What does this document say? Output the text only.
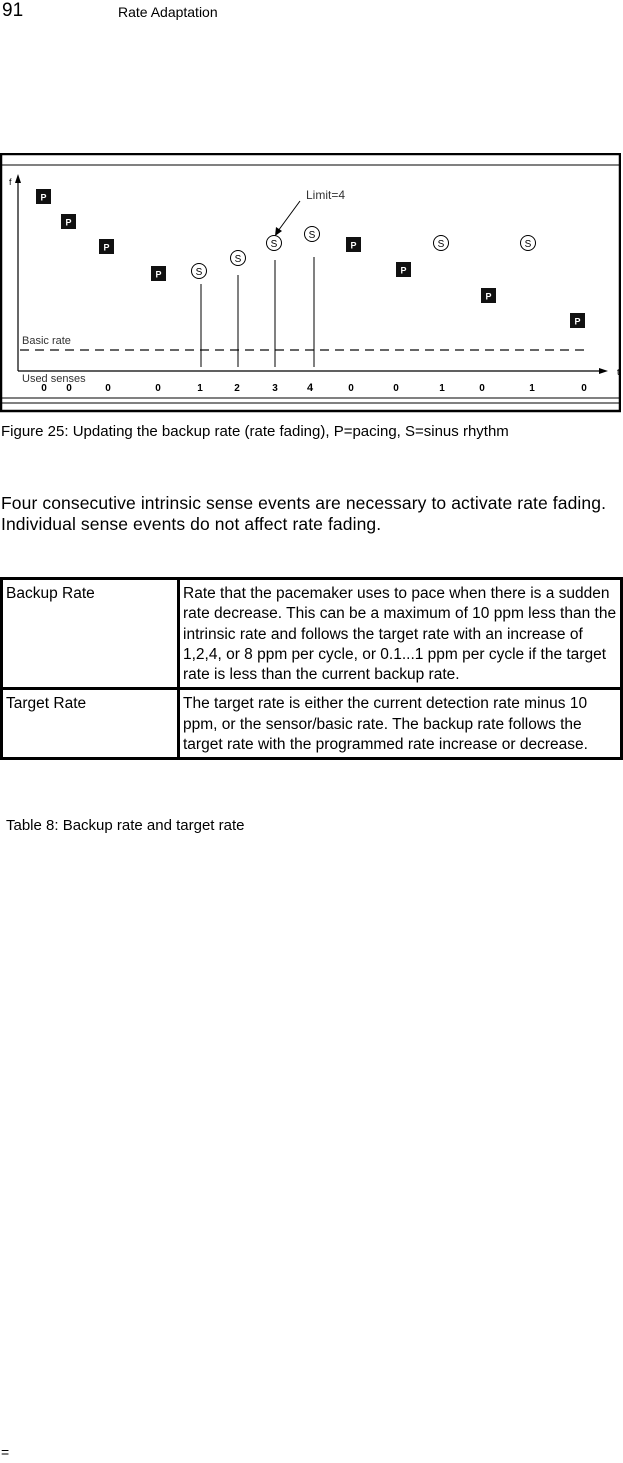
91	Rate Adaptation
f
t
Basic rate
Used senses
Limit=4
P
P
P
P
P
P
P
P
S
S
S
S
S	S
0 0	0	0	1	2	3	4	0	0	1	0	1	0
Figure 25: Updating the backup rate (rate fading), P=pacing, S=sinus rhythm

Four consecutive intrinsic sense events are necessary to activate rate fading. Individual sense events do not affect rate fading.

Backup Rate	Rate that the pacemaker uses to pace when there is a sudden rate decrease. This can be a maximum of 10 ppm less than the intrinsic rate and follows the target rate with an increase of 1,2,4, or 8 ppm per cycle, or 0.1...1 ppm per cycle if the target rate is less than the current backup rate.
Target Rate	The target rate is either the current detection rate minus 10 ppm, or the sensor/basic rate. The backup rate follows the target rate with the programmed rate increase or decrease.
Table 8: Backup rate and target rate
=
